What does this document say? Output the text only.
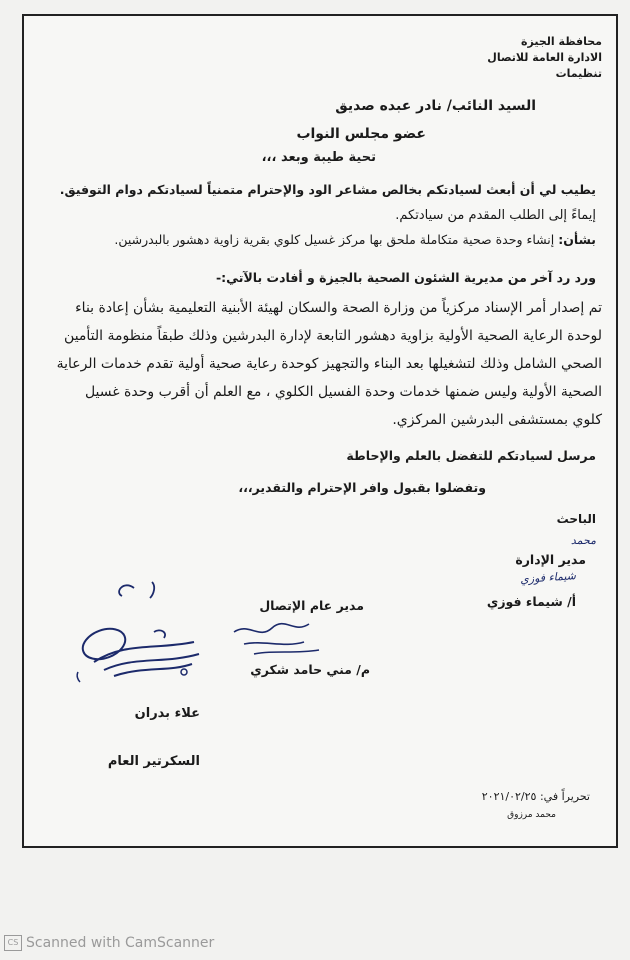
محافظة الجيزة
الادارة العامة للاتصال
تنظيمات
السيد النائب/ نادر عبده صديق
عضو مجلس النواب
تحية طيبة وبعد ،،،
يطيب لي أن أبعث لسيادتكم بخالص مشاعر الود والإحترام متمنياً لسيادتكم دوام التوفيق.
إيماءً إلى الطلب المقدم من سيادتكم.
بشأن: إنشاء وحدة صحية متكاملة ملحق بها مركز غسيل كلوي بقرية زاوية دهشور بالبدرشين.
ورد رد آخر من مديرية الشئون الصحية بالجيزة و أفادت بالآتي:-
تم إصدار أمر الإسناد مركزياً من وزارة الصحة والسكان لهيئة الأبنية التعليمية بشأن إعادة بناء
لوحدة الرعاية الصحية الأولية بزاوية دهشور التابعة لإدارة البدرشين وذلك طبقاً منظومة التأمين
الصحي الشامل وذلك لتشغيلها بعد البناء والتجهيز كوحدة رعاية صحية أولية تقدم خدمات الرعاية
الصحية الأولية وليس ضمنها خدمات وحدة الفسيل الكلوي ، مع العلم أن أقرب وحدة غسيل
كلوي بمستشفى البدرشين المركزي.
مرسل لسيادتكم للتفضل بالعلم والإحاطة
وتفضلوا بقبول وافر الإحترام والتقدير،،،
الباحث
محمد
مدير الإدارة
شيماء فوزي
أ/ شيماء فوزي
مدير عام الإتصال
م/ مني حامد شكري
علاء بدران
السكرتير العام
تحريراً في: ٢٠٢١/٠٢/٢٥
محمد مرزوق
CS Scanned with CamScanner
